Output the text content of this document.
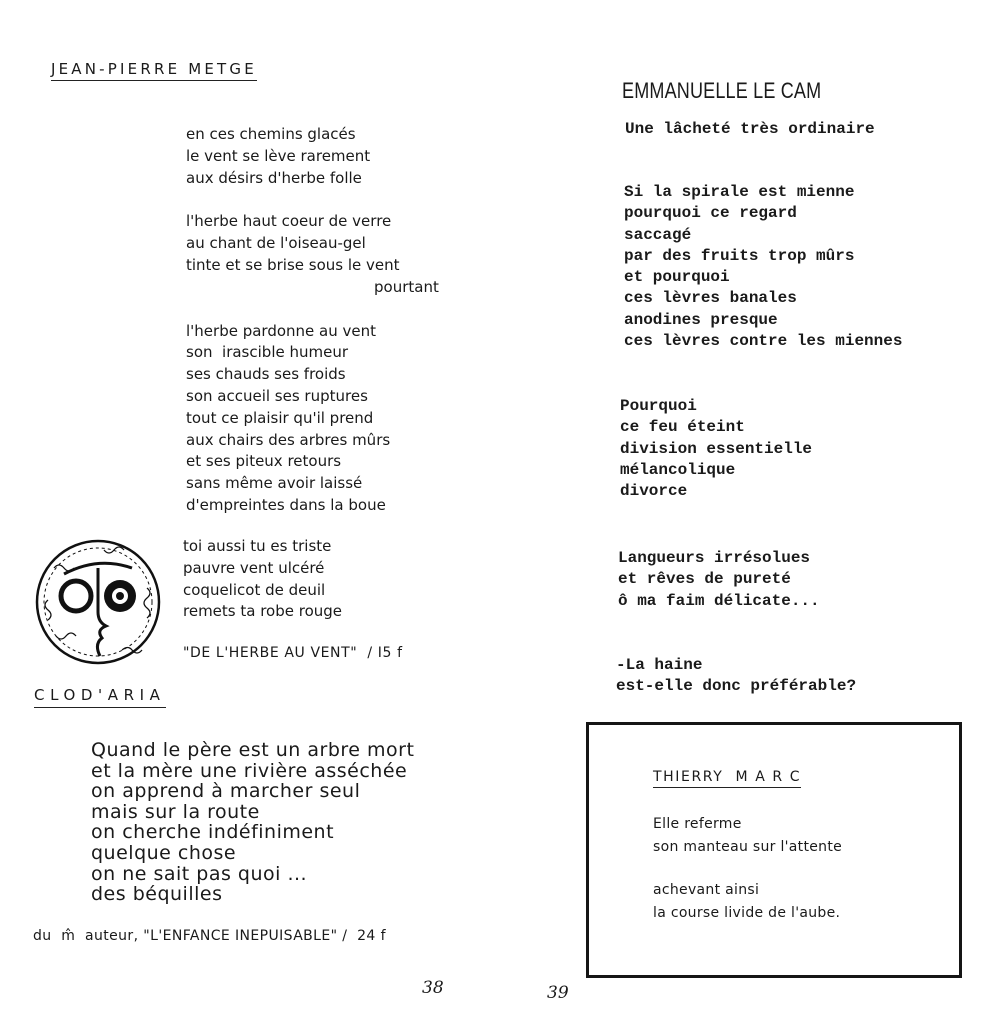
JEAN-PIERRE METGE
en ces chemins glacés
le vent se lève rarement
aux désirs d'herbe folle
l'herbe haut coeur de verre
au chant de l'oiseau-gel
tinte et se brise sous le vent
pourtant
l'herbe pardonne au vent
son  irascible humeur
ses chauds ses froids
son accueil ses ruptures
tout ce plaisir qu'il prend
aux chairs des arbres mûrs
et ses piteux retours
sans même avoir laissé
d'empreintes dans la boue
toi aussi tu es triste
pauvre vent ulcéré
coquelicot de deuil
remets ta robe rouge
"DE L'HERBE AU VENT"  / I5 f
CLOD'ARIA
Quand le père est un arbre mort
et la mère une rivière asséchée
on apprend à marcher seul
mais sur la route
on cherche indéfiniment
quelque chose
on ne sait pas quoi ...
des béquilles
du  m̂  auteur, "L'ENFANCE INEPUISABLE" /  24 f
38
EMMANUELLE LE CAM
Une lâcheté très ordinaire
Si la spirale est mienne
pourquoi ce regard
saccagé
par des fruits trop mûrs
et pourquoi
ces lèvres banales
anodines presque
ces lèvres contre les miennes
Pourquoi
ce feu éteint
division essentielle
mélancolique
divorce
Langueurs irrésolues
et rêves de pureté
ô ma faim délicate...
-La haine
est-elle donc préférable?
THIERRY  M A R C
Elle referme
son manteau sur l'attente
achevant ainsi
la course livide de l'aube.
39
